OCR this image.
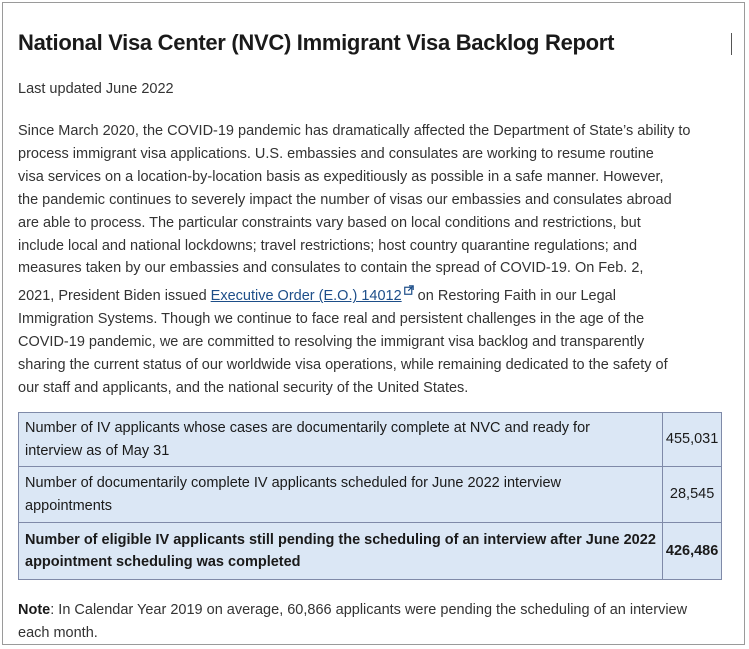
National Visa Center (NVC) Immigrant Visa Backlog Report

Last updated June 2022

Since March 2020, the COVID-19 pandemic has dramatically affected the Department of State’s ability to
process immigrant visa applications. U.S. embassies and consulates are working to resume routine
visa services on a location-by-location basis as expeditiously as possible in a safe manner. However,
the pandemic continues to severely impact the number of visas our embassies and consulates abroad
are able to process. The particular constraints vary based on local conditions and restrictions, but
include local and national lockdowns; travel restrictions; host country quarantine regulations; and
measures taken by our embassies and consulates to contain the spread of COVID-19. On Feb. 2,
2021, President Biden issued Executive Order (E.O.) 14012 on Restoring Faith in our Legal
Immigration Systems. Though we continue to face real and persistent challenges in the age of the
COVID-19 pandemic, we are committed to resolving the immigrant visa backlog and transparently
sharing the current status of our worldwide visa operations, while remaining dedicated to the safety of
our staff and applicants, and the national security of the United States.

Number of IV applicants whose cases are documentarily complete at NVC and ready for
interview as of May 31	455,031

Number of documentarily complete IV applicants scheduled for June 2022 interview
appointments	28,545

Number of eligible IV applicants still pending the scheduling of an interview after June 2022
appointment scheduling was completed	426,486

Note: In Calendar Year 2019 on average, 60,866 applicants were pending the scheduling of an interview
each month.
